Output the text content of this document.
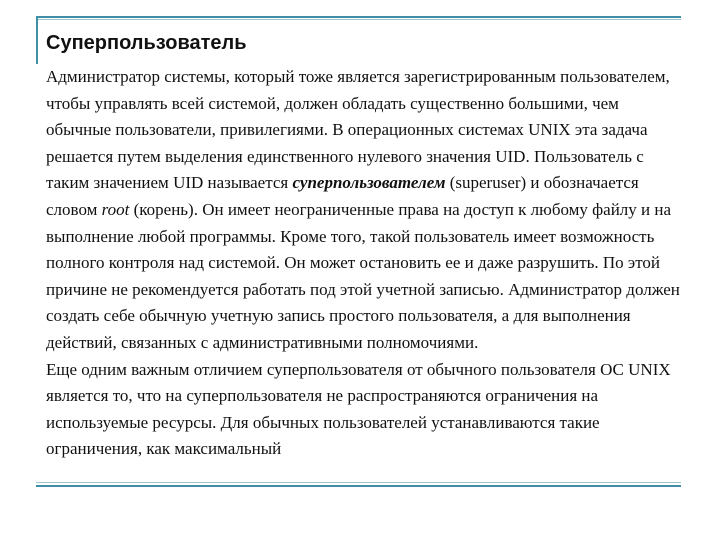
Суперпользователь

Администратор системы, который тоже является зарегистрированным пользователем, чтобы управлять всей системой, должен обладать существенно большими, чем обычные пользователи, привилегиями. В операционных системах UNIX эта задача решается путем выделения единственного нулевого значения UID. Пользователь с таким значением UID называется суперпользователем (superuser) и обозначается словом root (корень). Он имеет неограниченные права на доступ к любому файлу и на выполнение любой программы. Кроме того, такой пользователь имеет возможность полного контроля над системой. Он может остановить ее и даже разрушить. По этой причине не рекомендуется работать под этой учетной записью. Администратор должен создать себе обычную учетную запись простого пользователя, а для выполнения действий, связанных с административными полномочиями.

Еще одним важным отличием суперпользователя от обычного пользователя ОС UNIX является то, что на суперпользователя не распространяются ограничения на используемые ресурсы. Для обычных пользователей устанавливаются такие ограничения, как максимальный
